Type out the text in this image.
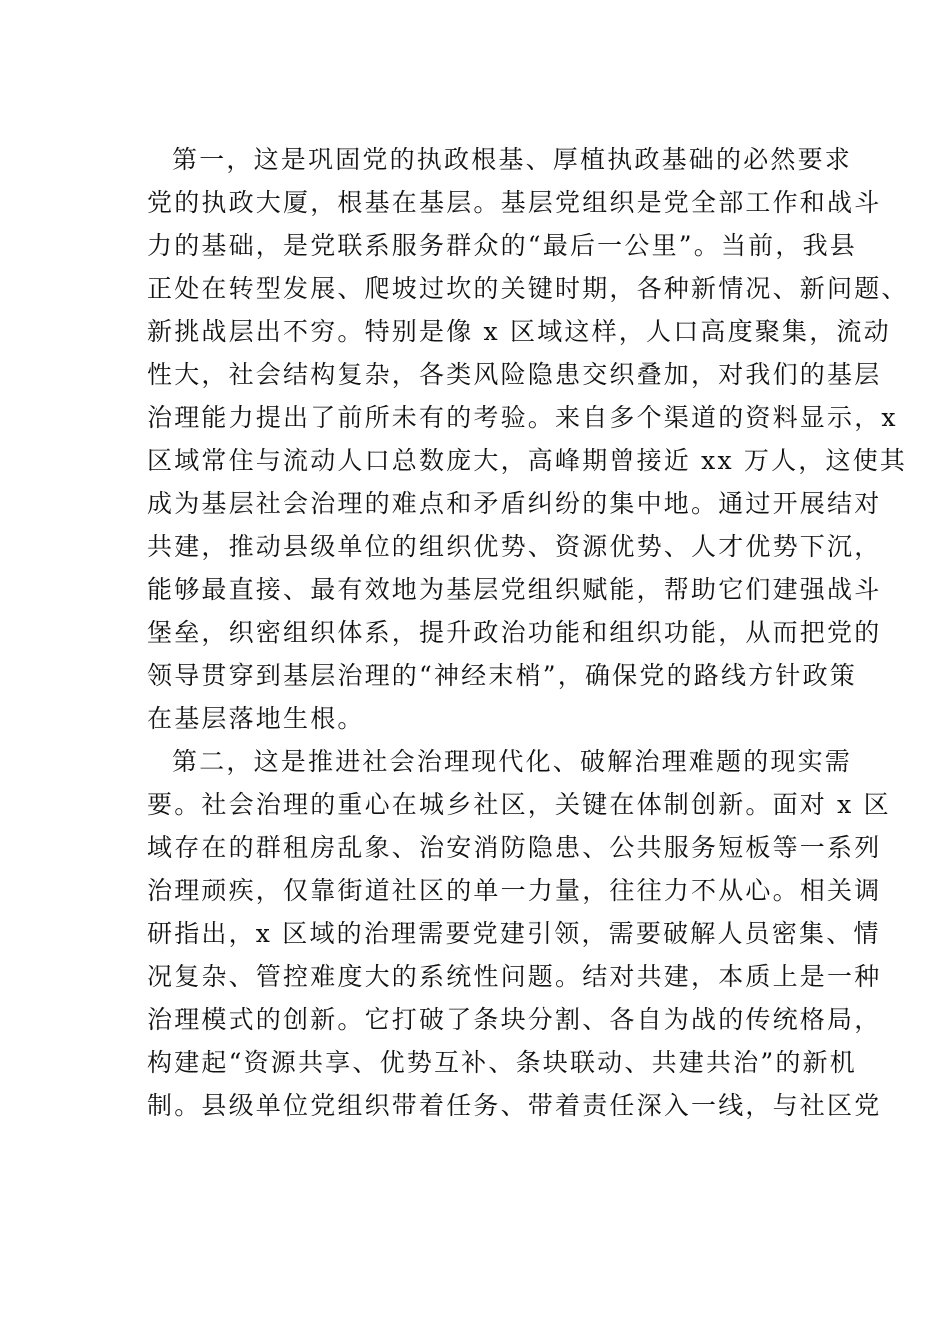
第一，这是巩固党的执政根基、厚植执政基础的必然要求
党的执政大厦，根基在基层。基层党组织是党全部工作和战斗
力的基础，是党联系服务群众的“最后一公里”。当前，我县
正处在转型发展、爬坡过坎的关键时期，各种新情况、新问题、
新挑战层出不穷。特别是像 x 区域这样，人口高度聚集，流动
性大，社会结构复杂，各类风险隐患交织叠加，对我们的基层
治理能力提出了前所未有的考验。来自多个渠道的资料显示，x
区域常住与流动人口总数庞大，高峰期曾接近 xx 万人，这使其
成为基层社会治理的难点和矛盾纠纷的集中地。通过开展结对
共建，推动县级单位的组织优势、资源优势、人才优势下沉，
能够最直接、最有效地为基层党组织赋能，帮助它们建强战斗
堡垒，织密组织体系，提升政治功能和组织功能，从而把党的
领导贯穿到基层治理的“神经末梢”，确保党的路线方针政策
在基层落地生根。
第二，这是推进社会治理现代化、破解治理难题的现实需
要。社会治理的重心在城乡社区，关键在体制创新。面对 x 区
域存在的群租房乱象、治安消防隐患、公共服务短板等一系列
治理顽疾，仅靠街道社区的单一力量，往往力不从心。相关调
研指出，x 区域的治理需要党建引领，需要破解人员密集、情
况复杂、管控难度大的系统性问题。结对共建，本质上是一种
治理模式的创新。它打破了条块分割、各自为战的传统格局，
构建起“资源共享、优势互补、条块联动、共建共治”的新机
制。县级单位党组织带着任务、带着责任深入一线，与社区党
